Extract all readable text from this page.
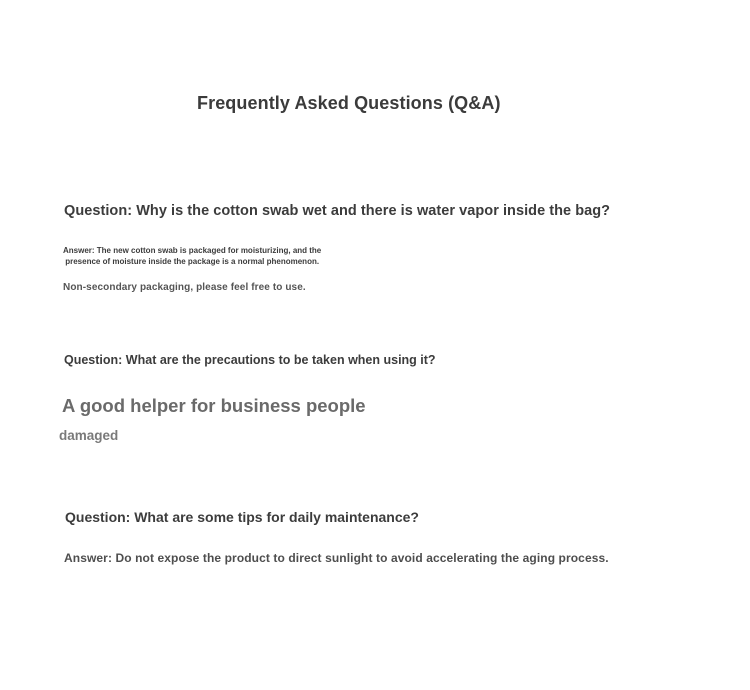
Frequently Asked Questions (Q&A)

Question: Why is the cotton swab wet and there is water vapor inside the bag?

Answer: The new cotton swab is packaged for moisturizing, and the
presence of moisture inside the package is a normal phenomenon.

Non-secondary packaging, please feel free to use.

Question: What are the precautions to be taken when using it?

A good helper for business people

damaged

Question: What are some tips for daily maintenance?

Answer: Do not expose the product to direct sunlight to avoid accelerating the aging process.
